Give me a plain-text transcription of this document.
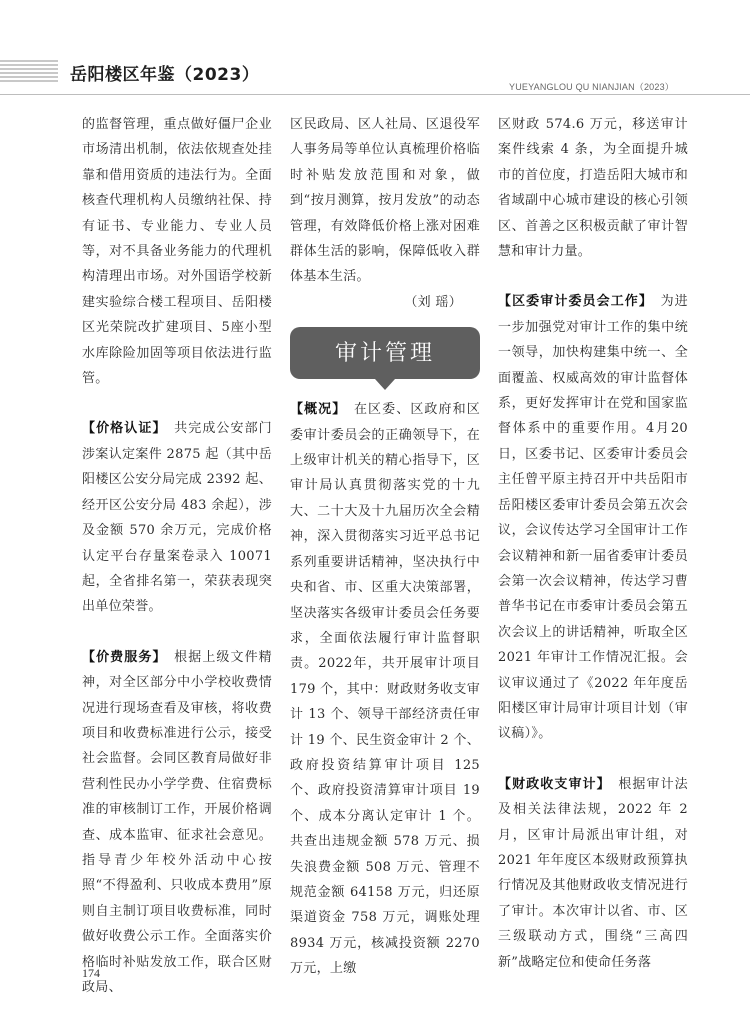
岳阳楼区年鉴（2023）
YUEYANGLOU QU NIANJIAN（2023）

的监督管理，重点做好僵尸企业市场清出机制，依法依规查处挂靠和借用资质的违法行为。全面核查代理机构人员缴纳社保、持有证书、专业能力、专业人员等，对不具备业务能力的代理机构清理出市场。对外国语学校新建实验综合楼工程项目、岳阳楼区光荣院改扩建项目、5座小型水库除险加固等项目依法进行监管。

【价格认证】　 共完成公安部门涉案认定案件 2875 起（其中岳阳楼区公安分局完成 2392 起、经开区公安分局 483 余起），涉及金额 570 余万元，完成价格认定平台存量案卷录入 10071 起，全省排名第一，荣获表现突出单位荣誉。

【价费服务】　 根据上级文件精神，对全区部分中小学校收费情况进行现场查看及审核，将收费项目和收费标准进行公示，接受社会监督。会同区教育局做好非营利性民办小学学费、住宿费标准的审核制订工作，开展价格调查、成本监审、征求社会意见。指导青少年校外活动中心按照“不得盈利、只收成本费用”原则自主制订项目收费标准，同时做好收费公示工作。全面落实价格临时补贴发放工作，联合区财政局、

区民政局、区人社局、区退役军人事务局等单位认真梳理价格临时补贴发放范围和对象，做到“按月测算，按月发放”的动态管理，有效降低价格上涨对困难群体生活的影响，保障低收入群体基本生活。

（刘 瑶）

审计管理

【概况】　 在区委、区政府和区委审计委员会的正确领导下，在上级审计机关的精心指导下，区审计局认真贯彻落实党的十九大、二十大及十九届历次全会精神，深入贯彻落实习近平总书记系列重要讲话精神，坚决执行中央和省、市、区重大决策部署，坚决落实各级审计委员会任务要求，全面依法履行审计监督职责。2022年，共开展审计项目 179 个，其中：财政财务收支审计 13 个、领导干部经济责任审计 19 个、民生资金审计 2 个、政府投资结算审计项目 125 个、政府投资清算审计项目 19 个、成本分离认定审计 1 个。共查出违规金额 578 万元、损失浪费金额 508 万元、管理不规范金额 64158 万元，归还原渠道资金 758 万元，调账处理 8934 万元，核减投资额 2270 万元，上缴

区财政 574.6 万元，移送审计案件线索 4 条，为全面提升城市的首位度，打造岳阳大城市和省域副中心城市建设的核心引领区、首善之区积极贡献了审计智慧和审计力量。

【区委审计委员会工作】　 为进一步加强党对审计工作的集中统一领导，加快构建集中统一、全面覆盖、权威高效的审计监督体系，更好发挥审计在党和国家监督体系中的重要作用。4月20日，区委书记、区委审计委员会主任曾平原主持召开中共岳阳市岳阳楼区委审计委员会第五次会议，会议传达学习全国审计工作会议精神和新一届省委审计委员会第一次会议精神，传达学习曹普华书记在市委审计委员会第五次会议上的讲话精神，听取全区 2021 年审计工作情况汇报。会议审议通过了《2022 年年度岳阳楼区审计局审计项目计划（审议稿）》。

【财政收支审计】　 根据审计法及相关法律法规，2022 年 2 月，区审计局派出审计组，对 2021 年年度区本级财政预算执行情况及其他财政收支情况进行了审计。本次审计以省、市、区三级联动方式，围绕“三高四新”战略定位和使命任务落

174
